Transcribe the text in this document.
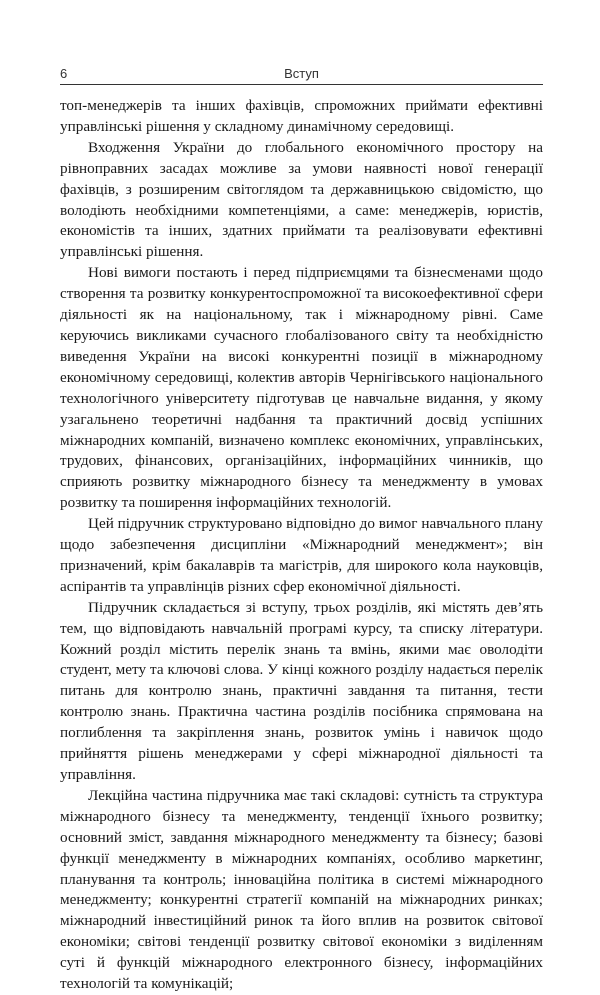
6	Вступ

топ-менеджерів та інших фахівців, спроможних приймати ефективні управлінські рішення у складному динамічному середовищі.

Входження України до глобального економічного простору на рівноправних засадах можливе за умови наявності нової генерації фахівців, з розширеним світоглядом та державницькою свідомістю, що володіють необхідними компетенціями, а саме: менеджерів, юристів, економістів та інших, здатних приймати та реалізовувати ефективні управлінські рішення.

Нові вимоги постають і перед підприємцями та бізнесменами щодо створення та розвитку конкурентоспроможної та високоефективної сфери діяльності як на національному, так і міжнародному рівні. Саме керуючись викликами сучасного глобалізованого світу та необхідністю виведення України на високі конкурентні позиції в міжнародному економічному середовищі, колектив авторів Чернігівського національного технологічного університету підготував це навчальне видання, у якому узагальнено теоретичні надбання та практичний досвід успішних міжнародних компаній, визначено комплекс економічних, управлінських, трудових, фінансових, організаційних, інформаційних чинників, що сприяють розвитку міжнародного бізнесу та менеджменту в умовах розвитку та поширення інформаційних технологій.

Цей підручник структуровано відповідно до вимог навчального плану щодо забезпечення дисципліни «Міжнародний менеджмент»; він призначений, крім бакалаврів та магістрів, для широкого кола науковців, аспірантів та управлінців різних сфер економічної діяльності.

Підручник складається зі вступу, трьох розділів, які містять дев’ять тем, що відповідають навчальній програмі курсу, та списку літератури. Кожний розділ містить перелік знань та вмінь, якими має оволодіти студент, мету та ключові слова. У кінці кожного розділу надається перелік питань для контролю знань, практичні завдання та питання, тести контролю знань. Практична частина розділів посібника спрямована на поглиблення та закріплення знань, розвиток умінь і навичок щодо прийняття рішень менеджерами у сфері міжнародної діяльності та управління.

Лекційна частина підручника має такі складові: сутність та структура міжнародного бізнесу та менеджменту, тенденції їхнього розвитку; основний зміст, завдання міжнародного менеджменту та бізнесу; базові функції менеджменту в міжнародних компаніях, особливо маркетинг, планування та контроль; інноваційна політика в системі міжнародного менеджменту; конкурентні стратегії компаній на міжнародних ринках; міжнародний інвестиційний ринок та його вплив на розвиток світової економіки; світові тенденції розвитку світової економіки з виділенням суті й функцій міжнародного електронного бізнесу, інформаційних технологій та комунікацій;
